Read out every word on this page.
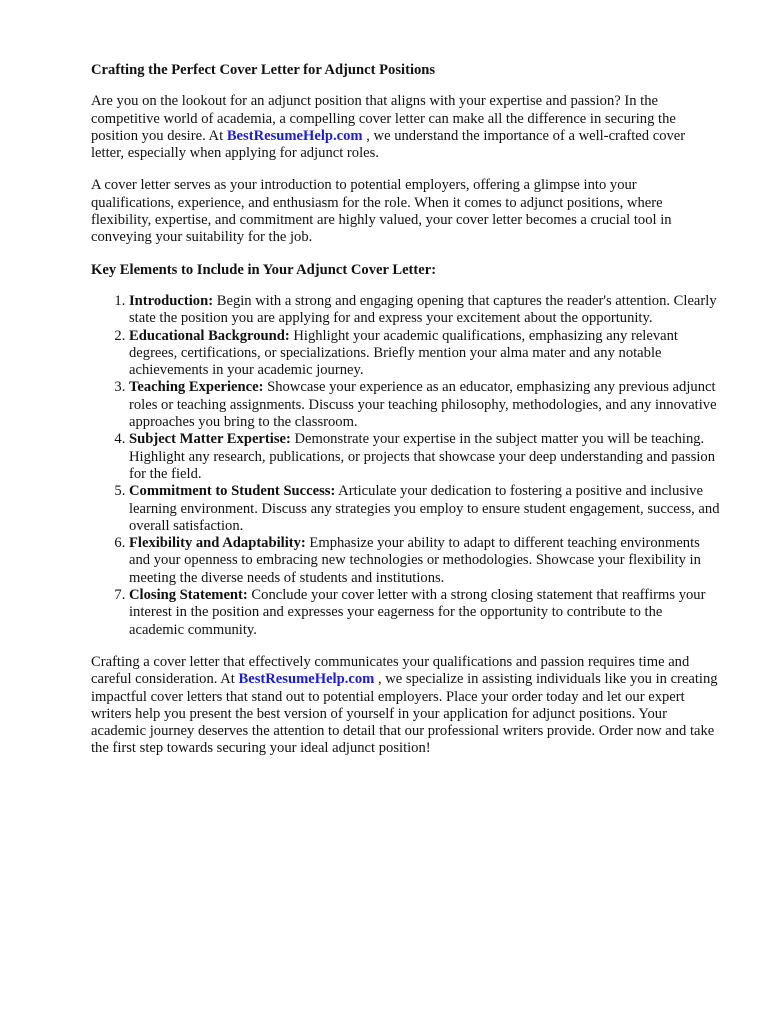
Crafting the Perfect Cover Letter for Adjunct Positions

Are you on the lookout for an adjunct position that aligns with your expertise and passion? In the competitive world of academia, a compelling cover letter can make all the difference in securing the position you desire. At BestResumeHelp.com , we understand the importance of a well-crafted cover letter, especially when applying for adjunct roles.

A cover letter serves as your introduction to potential employers, offering a glimpse into your qualifications, experience, and enthusiasm for the role. When it comes to adjunct positions, where flexibility, expertise, and commitment are highly valued, your cover letter becomes a crucial tool in conveying your suitability for the job.

Key Elements to Include in Your Adjunct Cover Letter:
1. Introduction: Begin with a strong and engaging opening that captures the reader's attention. Clearly state the position you are applying for and express your excitement about the opportunity.
2. Educational Background: Highlight your academic qualifications, emphasizing any relevant degrees, certifications, or specializations. Briefly mention your alma mater and any notable achievements in your academic journey.
3. Teaching Experience: Showcase your experience as an educator, emphasizing any previous adjunct roles or teaching assignments. Discuss your teaching philosophy, methodologies, and any innovative approaches you bring to the classroom.
4. Subject Matter Expertise: Demonstrate your expertise in the subject matter you will be teaching. Highlight any research, publications, or projects that showcase your deep understanding and passion for the field.
5. Commitment to Student Success: Articulate your dedication to fostering a positive and inclusive learning environment. Discuss any strategies you employ to ensure student engagement, success, and overall satisfaction.
6. Flexibility and Adaptability: Emphasize your ability to adapt to different teaching environments and your openness to embracing new technologies or methodologies. Showcase your flexibility in meeting the diverse needs of students and institutions.
7. Closing Statement: Conclude your cover letter with a strong closing statement that reaffirms your interest in the position and expresses your eagerness for the opportunity to contribute to the academic community.

Crafting a cover letter that effectively communicates your qualifications and passion requires time and careful consideration. At BestResumeHelp.com , we specialize in assisting individuals like you in creating impactful cover letters that stand out to potential employers. Place your order today and let our expert writers help you present the best version of yourself in your application for adjunct positions. Your academic journey deserves the attention to detail that our professional writers provide. Order now and take the first step towards securing your ideal adjunct position!
